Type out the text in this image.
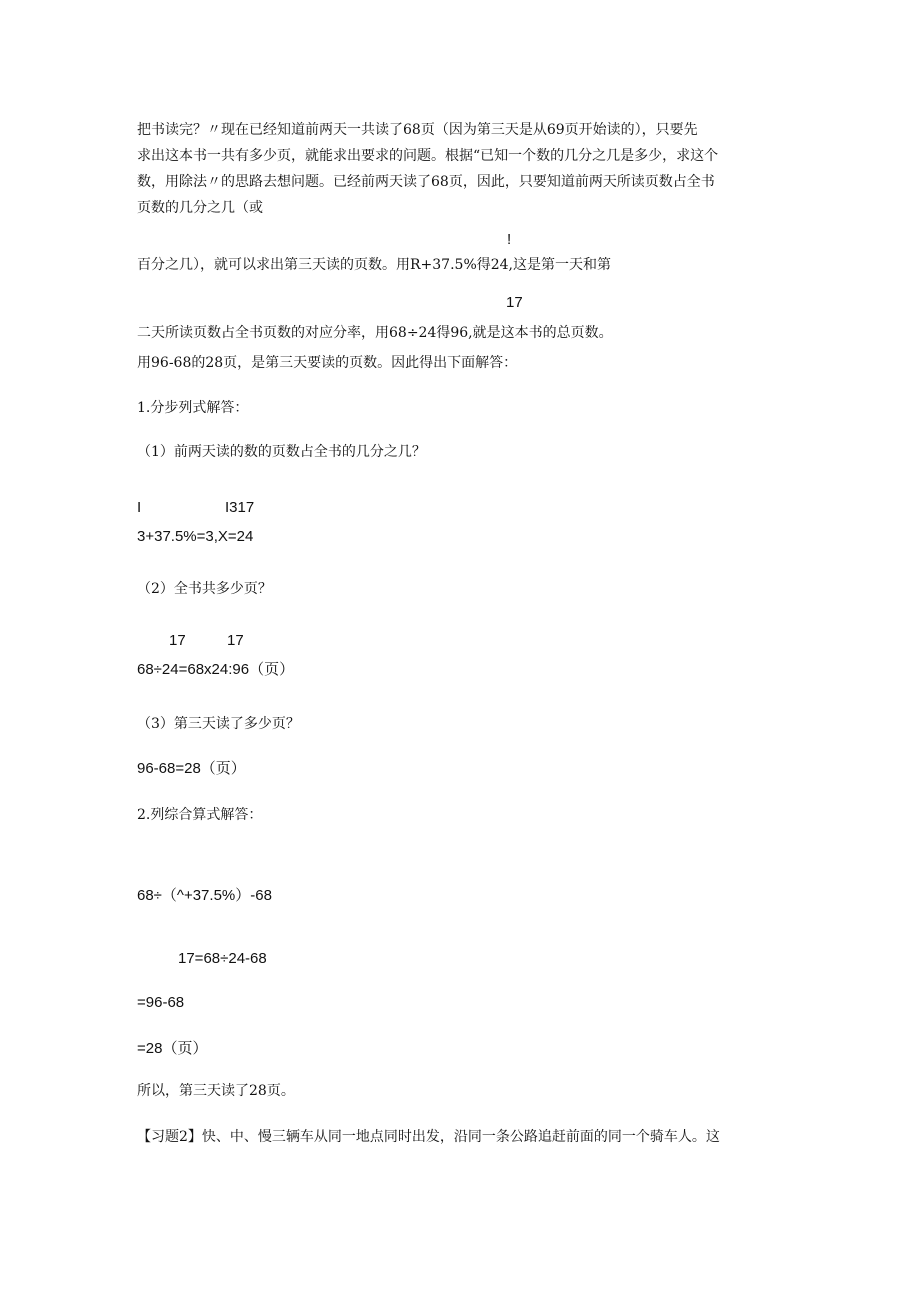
把书读完？〃现在已经知道前两天一共读了68页（因为第三天是从69页开始读的），只要先

求出这本书一共有多少页，就能求出要求的问题。根据“已知一个数的几分之几是多少，求这个

数，用除法〃的思路去想问题。已经前两天读了68页，因此，只要知道前两天所读页数占全书

页数的几分之几（或

!

百分之几），就可以求出第三天读的页数。用R+37.5%得24,这是第一天和第

17

二天所读页数占全书页数的对应分率，用68÷24得96,就是这本书的总页数。

用96-68的28页，是第三天要读的页数。因此得出下面解答：

1.分步列式解答：

（1）前两天读的数的页数占全书的几分之几？

I	I317

3+37.5%=3,X=24

（2）全书共多少页？

17	17

68÷24=68x24:96（页）

（3）第三天读了多少页？

96-68=28（页）

2.列综合算式解答：

68÷（^+37.5%）-68

17=68÷24-68

=96-68

=28（页）

所以，第三天读了28页。

【习题2】快、中、慢三辆车从同一地点同时出发，沿同一条公路追赶前面的同一个骑车人。这
